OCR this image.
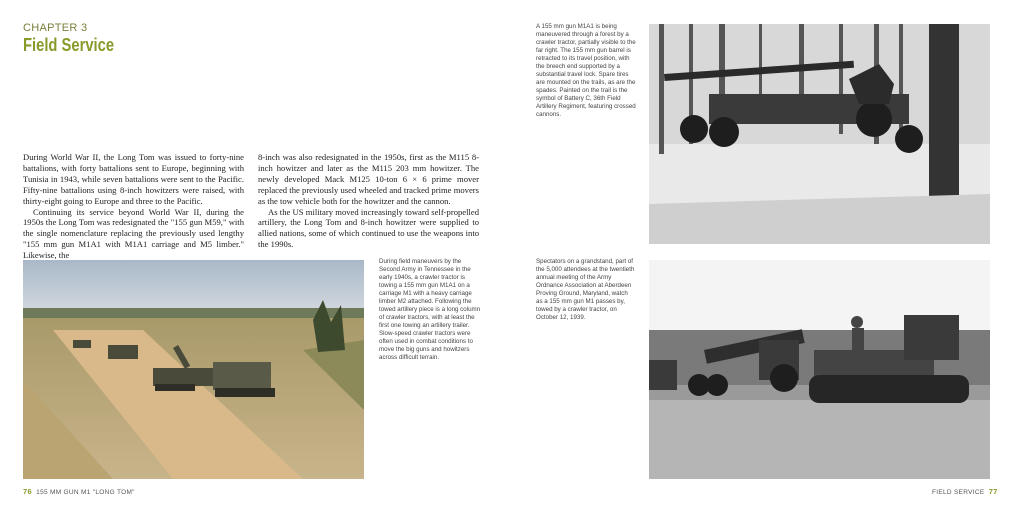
CHAPTER 3
Field Service

During World War II, the Long Tom was issued to forty-nine battalions, with forty battalions sent to Europe, beginning with Tunisia in 1943, while seven battalions were sent to the Pacific. Fifty-nine battalions using 8-inch howitzers were raised, with thirty-eight going to Europe and three to the Pacific.

Continuing its service beyond World War II, during the 1950s the Long Tom was redesignated the "155 gun M59," with the single nomenclature replacing the previously used lengthy "155 mm gun M1A1 with M1A1 carriage and M5 limber." Likewise, the

8-inch was also redesignated in the 1950s, first as the M115 8-inch howitzer and later as the M115 203 mm howitzer. The newly developed Mack M125 10-ton 6 × 6 prime mover replaced the previously used wheeled and tracked prime movers as the tow vehicle both for the howitzer and the cannon.

As the US military moved increasingly toward self-propelled artillery, the Long Tom and 8-inch howitzer were supplied to allied nations, some of which continued to use the weapons into the 1990s.

During field maneuvers by the Second Army in Tennessee in the early 1940s, a crawler tractor is towing a 155 mm gun M1A1 on a carriage M1 with a heavy carriage limber M2 attached. Following the towed artillery piece is a long column of crawler tractors, with at least the first one towing an artillery trailer. Slow-speed crawler tractors were often used in combat conditions to move the big guns and howitzers across difficult terrain.
76 155 MM GUN M1 "LONG TOM"
A 155 mm gun M1A1 is being maneuvered through a forest by a crawler tractor, partially visible to the far right. The 155 mm gun barrel is retracted to its travel position, with the breech end supported by a substantial travel lock. Spare tires are mounted on the trails, as are the spades. Painted on the trail is the symbol of Battery C, 36th Field Artillery Regiment, featuring crossed cannons.
Spectators on a grandstand, part of the 5,000 attendees at the twentieth annual meeting of the Army Ordnance Association at Aberdeen Proving Ground, Maryland, watch as a 155 mm gun M1 passes by, towed by a crawler tractor, on October 12, 1939.
FIELD SERVICE 77
